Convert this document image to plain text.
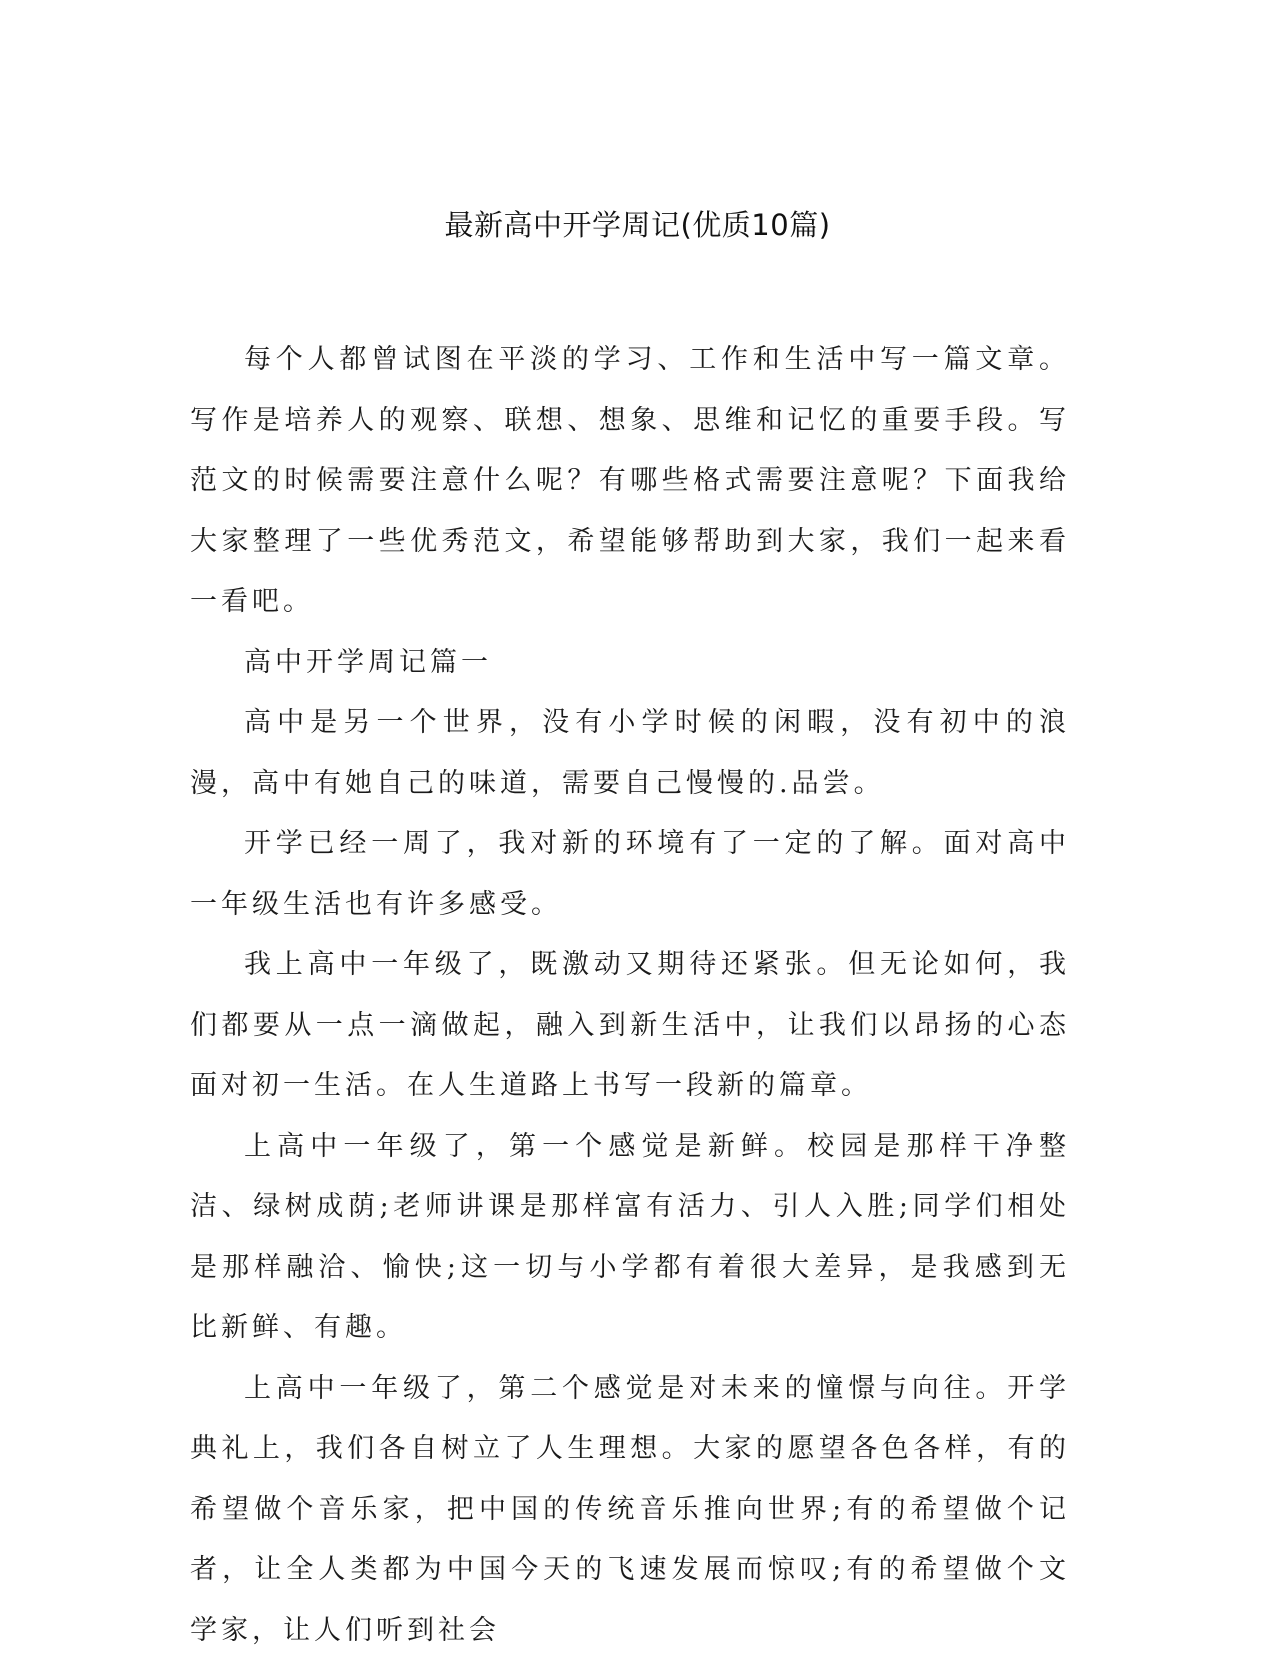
最新高中开学周记(优质10篇)

每个人都曾试图在平淡的学习、工作和生活中写一篇文章。写作是培养人的观察、联想、想象、思维和记忆的重要手段。写范文的时候需要注意什么呢？有哪些格式需要注意呢？下面我给大家整理了一些优秀范文，希望能够帮助到大家，我们一起来看一看吧。

高中开学周记篇一

高中是另一个世界，没有小学时候的闲暇，没有初中的浪漫，高中有她自己的味道，需要自己慢慢的.品尝。

开学已经一周了，我对新的环境有了一定的了解。面对高中一年级生活也有许多感受。

我上高中一年级了，既激动又期待还紧张。但无论如何，我们都要从一点一滴做起，融入到新生活中，让我们以昂扬的心态面对初一生活。在人生道路上书写一段新的篇章。

上高中一年级了，第一个感觉是新鲜。校园是那样干净整洁、绿树成荫;老师讲课是那样富有活力、引人入胜;同学们相处是那样融洽、愉快;这一切与小学都有着很大差异，是我感到无比新鲜、有趣。

上高中一年级了，第二个感觉是对未来的憧憬与向往。开学典礼上，我们各自树立了人生理想。大家的愿望各色各样，有的希望做个音乐家，把中国的传统音乐推向世界;有的希望做个记者，让全人类都为中国今天的飞速发展而惊叹;有的希望做个文学家，让人们听到社会
